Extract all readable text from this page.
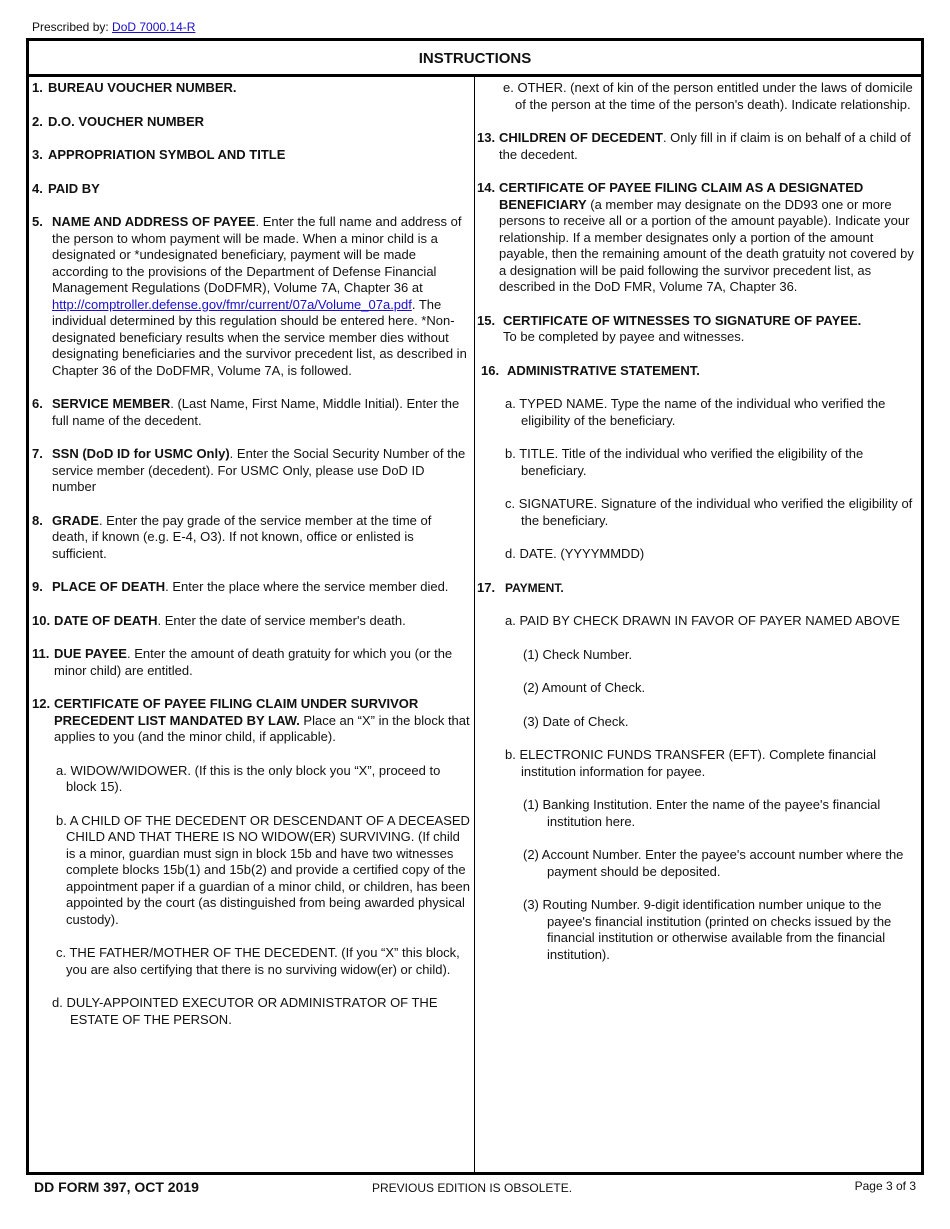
Prescribed by: DoD 7000.14-R
INSTRUCTIONS
1. BUREAU VOUCHER NUMBER.
2. D.O. VOUCHER NUMBER
3. APPROPRIATION SYMBOL AND TITLE
4. PAID BY
5. NAME AND ADDRESS OF PAYEE. Enter the full name and address of the person to whom payment will be made. When a minor child is a designated or *undesignated beneficiary, payment will be made according to the provisions of the Department of Defense Financial Management Regulations (DoDFMR), Volume 7A, Chapter 36 at http://comptroller.defense.gov/fmr/current/07a/Volume_07a.pdf. The individual determined by this regulation should be entered here. *Non-designated beneficiary results when the service member dies without designating beneficiaries and the survivor precedent list, as described in Chapter 36 of the DoDFMR, Volume 7A, is followed.
6. SERVICE MEMBER. (Last Name, First Name, Middle Initial). Enter the full name of the decedent.
7. SSN (DoD ID for USMC Only). Enter the Social Security Number of the service member (decedent). For USMC Only, please use DoD ID number
8. GRADE. Enter the pay grade of the service member at the time of death, if known (e.g. E-4, O3). If not known, office or enlisted is sufficient.
9. PLACE OF DEATH. Enter the place where the service member died.
10. DATE OF DEATH. Enter the date of service member's death.
11. DUE PAYEE. Enter the amount of death gratuity for which you (or the minor child) are entitled.
12. CERTIFICATE OF PAYEE FILING CLAIM UNDER SURVIVOR PRECEDENT LIST MANDATED BY LAW. Place an “X” in the block that applies to you (and the minor child, if applicable).
a. WIDOW/WIDOWER. (If this is the only block you “X”, proceed to block 15).
b. A CHILD OF THE DECEDENT OR DESCENDANT OF A DECEASED CHILD AND THAT THERE IS NO WIDOW(ER) SURVIVING. (If child is a minor, guardian must sign in block 15b and have two witnesses complete blocks 15b(1) and 15b(2) and provide a certified copy of the appointment paper if a guardian of a minor child, or children, has been appointed by the court (as distinguished from being awarded physical custody).
c. THE FATHER/MOTHER OF THE DECEDENT. (If you “X” this block, you are also certifying that there is no surviving widow(er) or child).
d. DULY-APPOINTED EXECUTOR OR ADMINISTRATOR OF THE ESTATE OF THE PERSON.
e. OTHER. (next of kin of the person entitled under the laws of domicile of the person at the time of the person's death). Indicate relationship.
13. CHILDREN OF DECEDENT. Only fill in if claim is on behalf of a child of the decedent.
14. CERTIFICATE OF PAYEE FILING CLAIM AS A DESIGNATED BENEFICIARY (a member may designate on the DD93 one or more persons to receive all or a portion of the amount payable). Indicate your relationship. If a member designates only a portion of the amount payable, then the remaining amount of the death gratuity not covered by a designation will be paid following the survivor precedent list, as described in the DoD FMR, Volume 7A, Chapter 36.
15. CERTIFICATE OF WITNESSES TO SIGNATURE OF PAYEE.
To be completed by payee and witnesses.
16. ADMINISTRATIVE STATEMENT.
a. TYPED NAME. Type the name of the individual who verified the eligibility of the beneficiary.
b. TITLE. Title of the individual who verified the eligibility of the beneficiary.
c. SIGNATURE. Signature of the individual who verified the eligibility of the beneficiary.
d. DATE. (YYYYMMDD)
17. PAYMENT.
a. PAID BY CHECK DRAWN IN FAVOR OF PAYER NAMED ABOVE
(1) Check Number.
(2) Amount of Check.
(3) Date of Check.
b. ELECTRONIC FUNDS TRANSFER (EFT). Complete financial institution information for payee.
(1) Banking Institution. Enter the name of the payee's financial institution here.
(2) Account Number. Enter the payee's account number where the payment should be deposited.
(3) Routing Number. 9-digit identification number unique to the payee's financial institution (printed on checks issued by the financial institution or otherwise available from the financial institution).
DD FORM 397, OCT 2019	PREVIOUS EDITION IS OBSOLETE.	Page 3 of 3
